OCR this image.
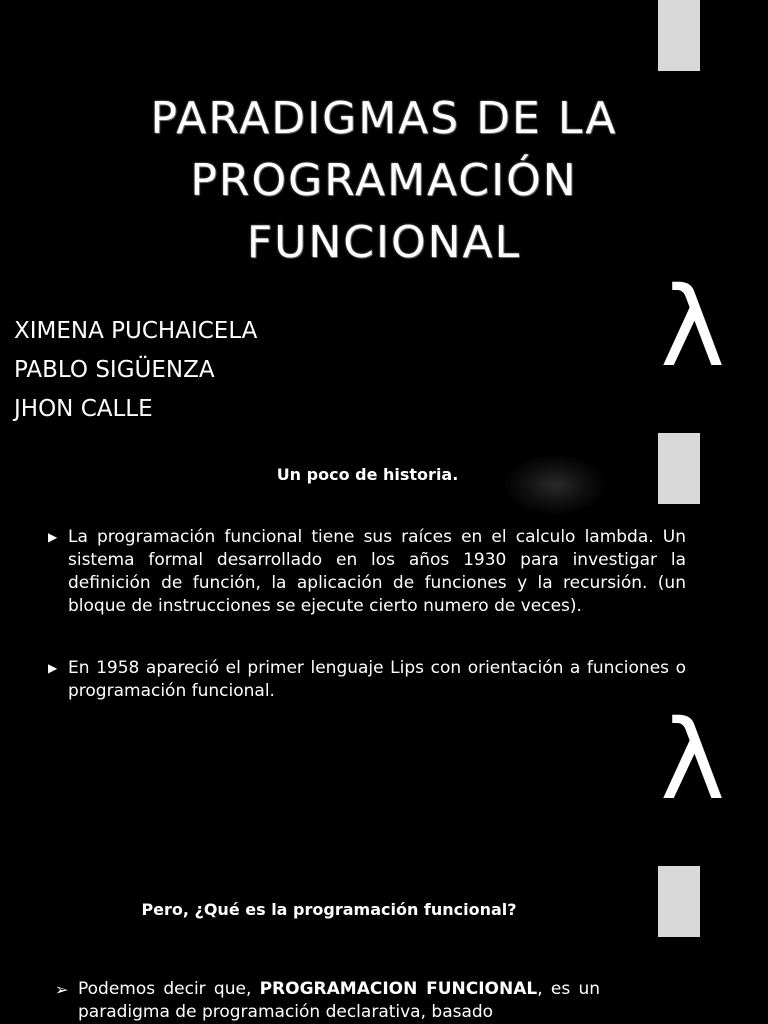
λ
λ
PARADIGMAS DE LA
PROGRAMACIÓN
FUNCIONAL
XIMENA PUCHAICELA
PABLO SIGÜENZA
JHON CALLE
Un poco de historia.
▶ La programación funcional tiene sus raíces en el calculo lambda. Un sistema formal desarrollado en los años 1930 para investigar la definición de función, la aplicación de funciones y la recursión. (un bloque de instrucciones se ejecute cierto numero de veces).
▶ En 1958 apareció el primer lenguaje Lips con orientación a funciones o programación funcional.
Pero, ¿Qué es la programación funcional?
➢ Podemos decir que, PROGRAMACION FUNCIONAL, es un paradigma de programación declarativa, basado
